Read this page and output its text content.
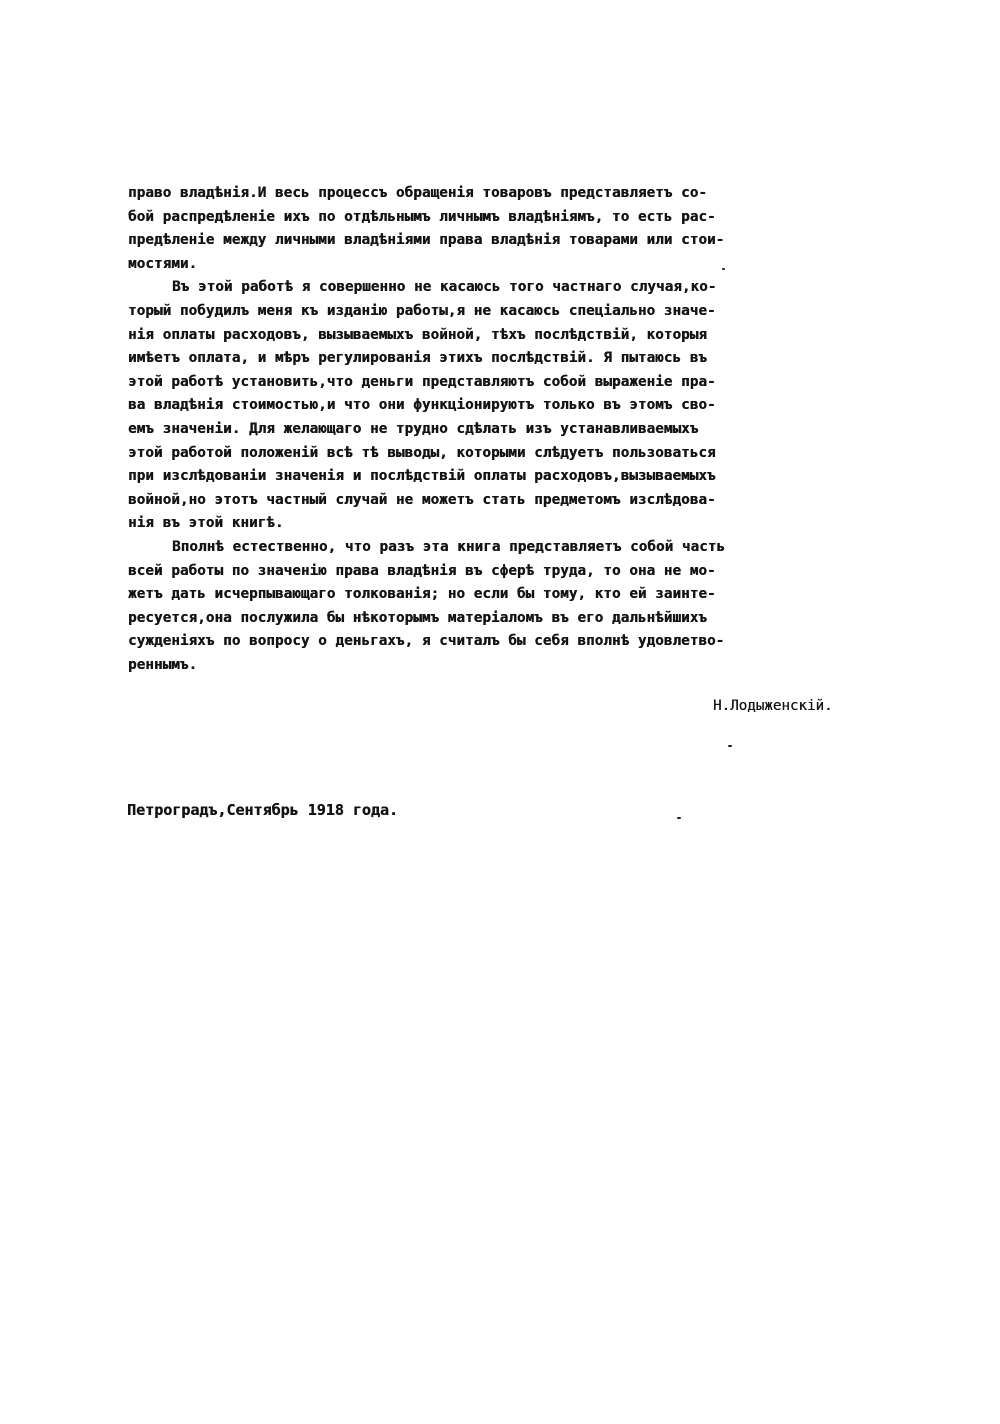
право владѣнія.И весь процессъ обращенія товаровъ представляетъ со-
бой распредѣленіе ихъ по отдѣльнымъ личнымъ владѣніямъ, то есть рас-
предѣленіе между личными владѣніями права владѣнія товарами или стои-
мостями.
Въ этой работѣ я совершенно не касаюсь того частнаго случая,ко-
торый побудилъ меня къ изданію работы,я не касаюсь спеціально значе-
нія оплаты расходовъ, вызываемыхъ войной, тѣхъ послѣдствій, которыя
имѣетъ оплата, и мѣръ регулированія этихъ послѣдствій. Я пытаюсь въ
этой работѣ установить,что деньги представляютъ собой выраженіе пра-
ва владѣнія стоимостью,и что они функціонируютъ только въ этомъ сво-
емъ значеніи. Для желающаго не трудно сдѣлать изъ устанавливаемыхъ
этой работой положеній всѣ тѣ выводы, которыми слѣдуетъ пользоваться
при изслѣдованіи значенія и послѣдствій оплаты расходовъ,вызываемыхъ
войной,но этотъ частный случай не можетъ стать предметомъ изслѣдова-
нія въ этой книгѣ.
Вполнѣ естественно, что разъ эта книга представляетъ собой часть
всей работы по значенію права владѣнія въ сферѣ труда, то она не мо-
жетъ дать исчерпывающаго толкованія; но если бы тому, кто ей заинте-
ресуется,она послужила бы нѣкоторымъ матеріаломъ въ его дальнѣйшихъ
сужденіяхъ по вопросу о деньгахъ, я считалъ бы себя вполнѣ удовлетво-
реннымъ.
Н.Лодыженскій.
Петроградъ,Сентябрь 1918 года.
